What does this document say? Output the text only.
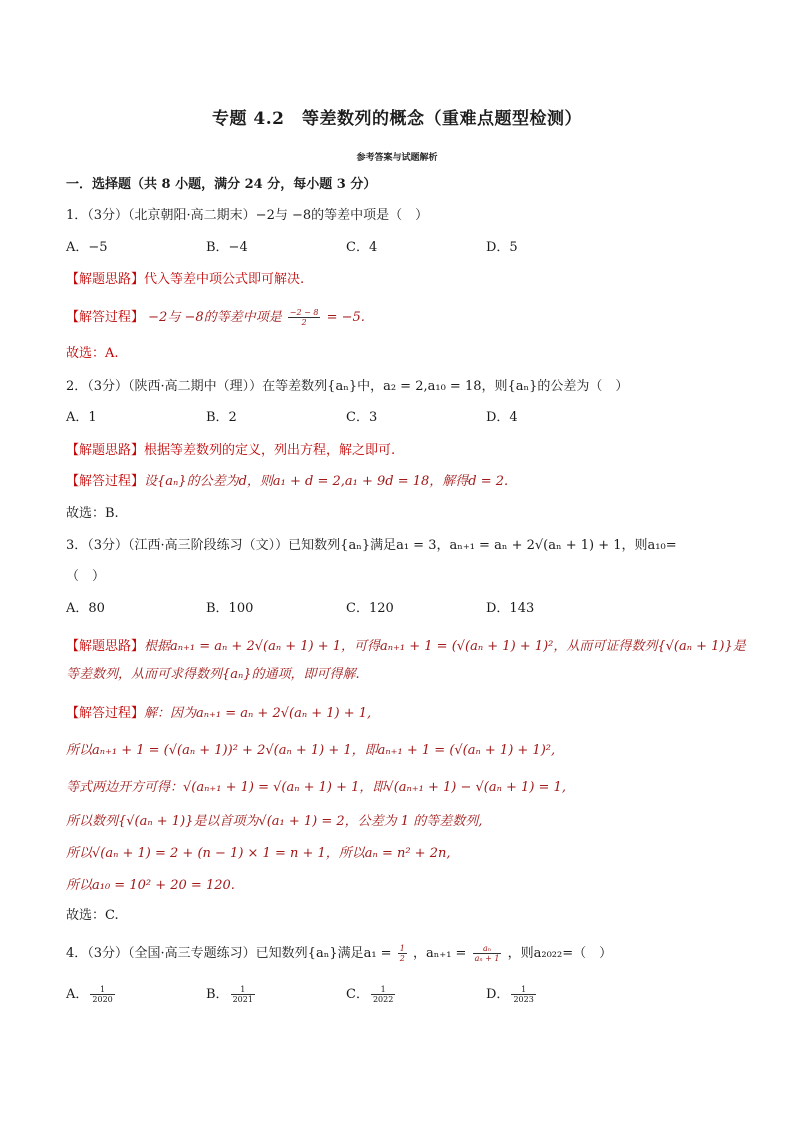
专题 4.2　等差数列的概念（重难点题型检测）
参考答案与试题解析
一．选择题（共 8 小题，满分 24 分，每小题 3 分）
1．（3分）（北京朝阳·高二期末）−2与 −8的等差中项是（　）
A．−5	B．−4	C．4	D．5
【解题思路】代入等差中项公式即可解决.
【解答过程】 −2与 −8的等差中项是 $\frac{-2 - 8}{2} = -5$.
故选：A.
2．（3分）（陕西·高二期中（理））在等差数列{aₙ}中，a₂ = 2,a₁₀ = 18，则{aₙ}的公差为（　）
A．1	B．2	C．3	D．4
【解题思路】根据等差数列的定义，列出方程，解之即可.
【解答过程】设{aₙ}的公差为d，则a₁ + d = 2,a₁ + 9d = 18，解得d = 2.
故选：B.
3．（3分）（江西·高三阶段练习（文））已知数列{aₙ}满足a₁ = 3，aₙ₊₁ = aₙ + 2√(aₙ + 1) + 1，则a₁₀=
（　）
A．80	B．100	C．120	D．143
【解题思路】根据aₙ₊₁ = aₙ + 2√(aₙ + 1) + 1，可得aₙ₊₁ + 1 = (√(aₙ + 1) + 1)²，从而可证得数列{√(aₙ + 1)}是
等差数列，从而可求得数列{aₙ}的通项，即可得解.
【解答过程】解：因为aₙ₊₁ = aₙ + 2√(aₙ + 1) + 1,
所以aₙ₊₁ + 1 = (√(aₙ + 1))² + 2√(aₙ + 1) + 1，即aₙ₊₁ + 1 = (√(aₙ + 1) + 1)²,
等式两边开方可得：√(aₙ₊₁ + 1) = √(aₙ + 1) + 1，即√(aₙ₊₁ + 1) − √(aₙ + 1) = 1,
所以数列{√(aₙ + 1)}是以首项为√(a₁ + 1) = 2，公差为 1 的等差数列,
所以√(aₙ + 1) = 2 + (n − 1) × 1 = n + 1，所以aₙ = n² + 2n,
所以a₁₀ = 10² + 20 = 120.
故选：C.
4．（3分）（全国·高三专题练习）已知数列{aₙ}满足$a_1 = \frac{1}{2}$ ，$a_{n+1} = \frac{\text{aₙ}}{\text{aₙ + 1}}$ ，则a₂₀₂₂=（　）
A． $\frac{1}{2020}$	B． $\frac{1}{2021}$	C． $\frac{1}{2022}$	D． $\frac{1}{2023}$
